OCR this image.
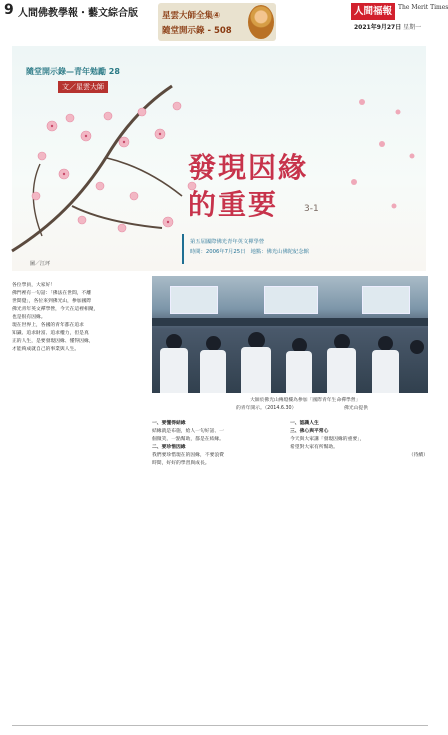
9 人間佛教學報・藝文綜合版	星雲大師全集④
隨堂開示錄 - 508
人間福報	The Merit Times
2021年9月27日 星期一
隨堂開示錄—青年勉勵 28
文／星雲大師
圖／江坪
發現因緣
的重要	3-1
第五屆國際佛光青年英文禪學營
時間：2006年7月25日　地點：佛光山佛陀紀念館
大師於佛光山傳燈樓為參加「國際青年生命禪學營」
的青年開示。（2014.6.30）	佛光山提供

各位學員，大家好！

佛門裡有一句話：「佛法在世間，不離

世間覺」，各位來到佛光山，參加國際

佛光青年英文禪學營，今天在這裡相聚，

也是很有因緣。

現在世界上，各國的青年都在追求

知識、追求財富、追求權力，但是真

正的人生，是要發現因緣、懂得因緣，

才能夠成就自己的事業與人生。

一、要懂得結緣

結緣就是布施，給人一句好話、一

個微笑、一點幫助，都是在結緣。

二、要珍惜因緣

我們要珍惜現在的因緣，不要浪費

時間，好好的學習與成長。

一、認識人生

三、佛心與平常心

今天與大家講「發現因緣的重要」，

希望對大家有所幫助。

（待續）
